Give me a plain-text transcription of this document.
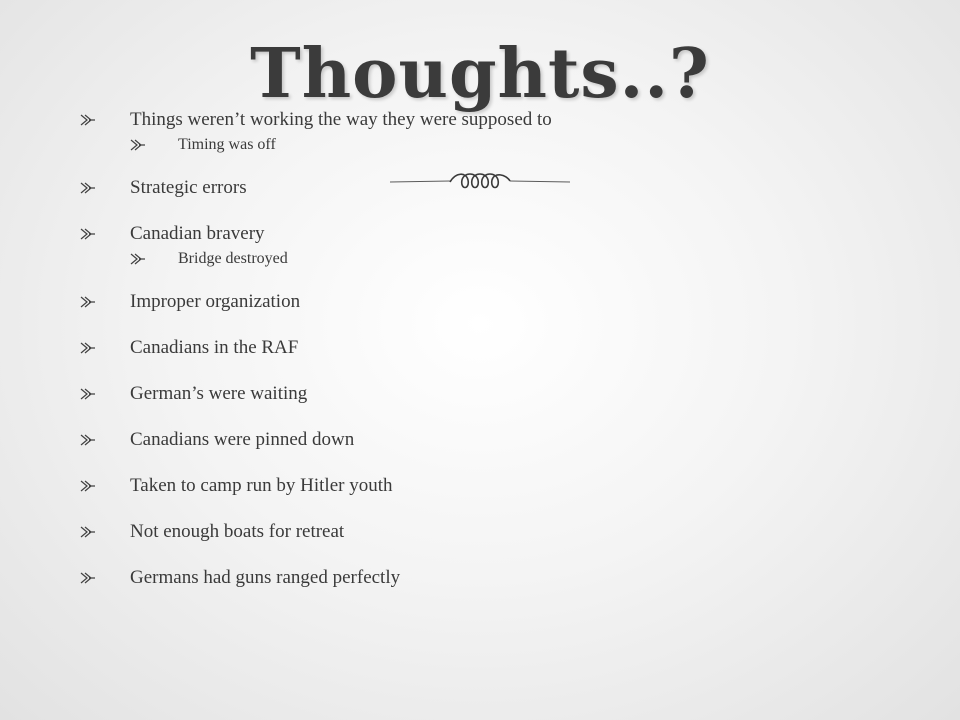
Thoughts..?
Things weren’t working the way they were supposed to
Timing was off
Strategic errors
Canadian bravery
Bridge destroyed
Improper organization
Canadians in the RAF
German’s were waiting
Canadians were pinned down
Taken to camp run by Hitler youth
Not enough boats for retreat
Germans had guns ranged perfectly
